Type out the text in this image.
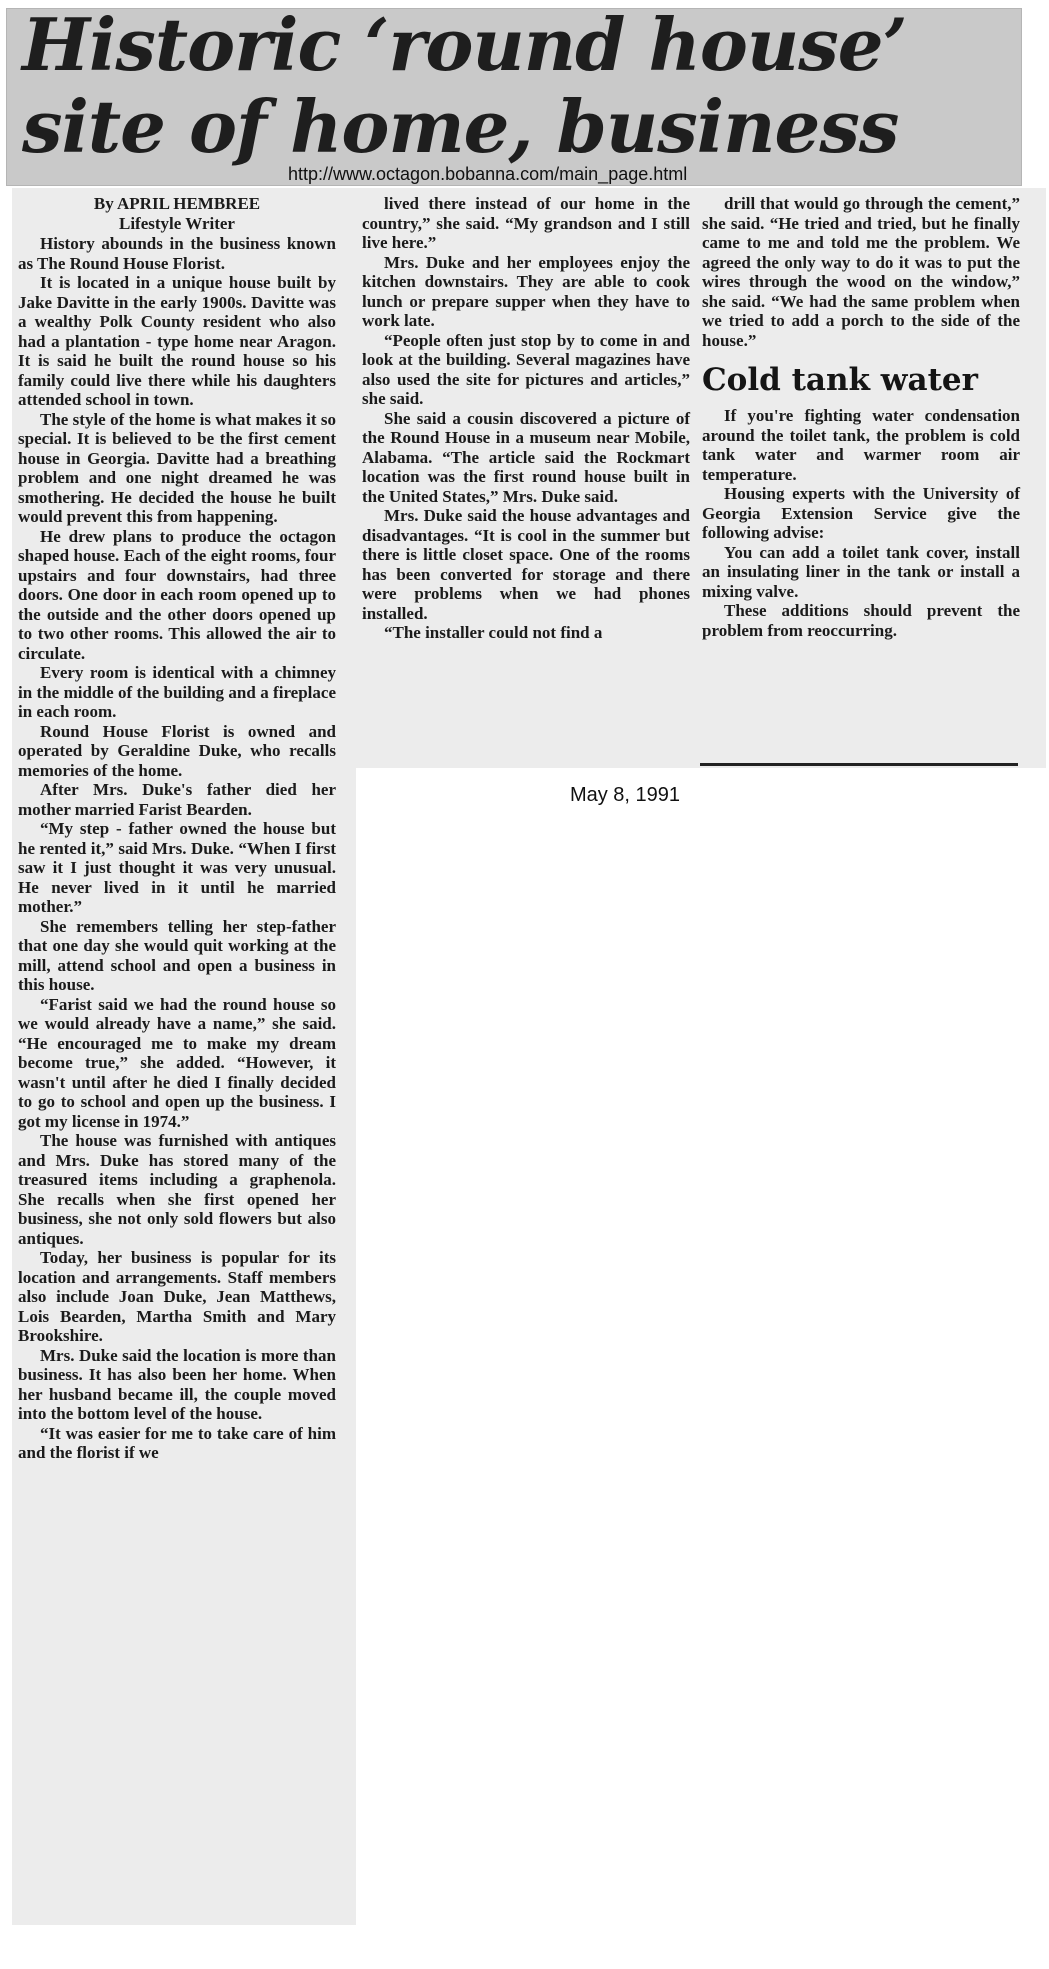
Historic ‘round house’
site of home, business
http://www.octagon.bobanna.com/main_page.html
By APRIL HEMBREE
Lifestyle Writer

History abounds in the business known as The Round House Florist.

It is located in a unique house built by Jake Davitte in the early 1900s. Davitte was a wealthy Polk County resident who also had a plantation - type home near Aragon. It is said he built the round house so his family could live there while his daughters attended school in town.

The style of the home is what makes it so special. It is believed to be the first cement house in Georgia. Davitte had a breathing problem and one night dreamed he was smothering. He decided the house he built would prevent this from happening.

He drew plans to produce the octagon shaped house. Each of the eight rooms, four upstairs and four downstairs, had three doors. One door in each room opened up to the outside and the other doors opened up to two other rooms. This allowed the air to circulate.

Every room is identical with a chimney in the middle of the building and a fireplace in each room.

Round House Florist is owned and operated by Geraldine Duke, who recalls memories of the home.

After Mrs. Duke's father died her mother married Farist Bearden.

“My step - father owned the house but he rented it,” said Mrs. Duke. “When I first saw it I just thought it was very unusual. He never lived in it until he married mother.”

She remembers telling her step-father that one day she would quit working at the mill, attend school and open a business in this house.

“Farist said we had the round house so we would already have a name,” she said. “He encouraged me to make my dream become true,” she added. “However, it wasn't until after he died I finally decided to go to school and open up the business. I got my license in 1974.”

The house was furnished with antiques and Mrs. Duke has stored many of the treasured items including a graphenola. She recalls when she first opened her business, she not only sold flowers but also antiques.

Today, her business is popular for its location and arrangements. Staff members also include Joan Duke, Jean Matthews, Lois Bearden, Martha Smith and Mary Brookshire.

Mrs. Duke said the location is more than business. It has also been her home. When her husband became ill, the couple moved into the bottom level of the house.

“It was easier for me to take care of him and the florist if we

lived there instead of our home in the country,” she said. “My grandson and I still live here.”

Mrs. Duke and her employees enjoy the kitchen downstairs. They are able to cook lunch or prepare supper when they have to work late.

“People often just stop by to come in and look at the building. Several magazines have also used the site for pictures and articles,” she said.

She said a cousin discovered a picture of the Round House in a museum near Mobile, Alabama. “The article said the Rockmart location was the first round house built in the United States,” Mrs. Duke said.

Mrs. Duke said the house advantages and disadvantages. “It is cool in the summer but there is little closet space. One of the rooms has been converted for storage and there were problems when we had phones installed.

“The installer could not find a

drill that would go through the cement,” she said. “He tried and tried, but he finally came to me and told me the problem. We agreed the only way to do it was to put the wires through the wood on the window,” she said. “We had the same problem when we tried to add a porch to the side of the house.”

Cold tank water

If you're fighting water condensation around the toilet tank, the problem is cold tank water and warmer room air temperature.

Housing experts with the University of Georgia Extension Service give the following advise:

You can add a toilet tank cover, install an insulating liner in the tank or install a mixing valve.

These additions should prevent the problem from reoccurring.

May 8, 1991
